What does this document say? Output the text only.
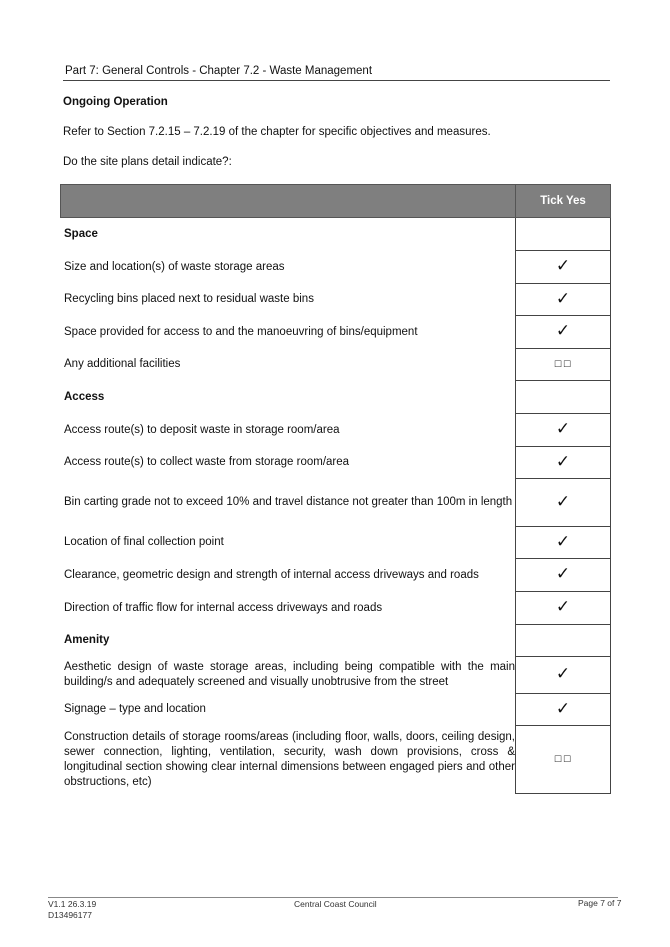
Part 7: General Controls - Chapter 7.2 - Waste Management
Ongoing Operation
Refer to Section 7.2.15 – 7.2.19 of the chapter for specific objectives and measures.
Do the site plans detail indicate?:
	Tick Yes
Space	
Size and location(s) of waste storage areas	✓
Recycling bins placed next to residual waste bins	✓
Space provided for access to and the manoeuvring of bins/equipment	✓
Any additional facilities	☐☐
Access	
Access route(s) to deposit waste in storage room/area	✓
Access route(s) to collect waste from storage room/area	✓
Bin carting grade not to exceed 10% and travel distance not greater than 100m in length	✓
Location of final collection point	✓
Clearance, geometric design and strength of internal access driveways and roads	✓
Direction of traffic flow for internal access driveways and roads	✓
Amenity	
Aesthetic design of waste storage areas, including being compatible with the main building/s and adequately screened and visually unobtrusive from the street	✓
Signage – type and location	✓
Construction details of storage rooms/areas (including floor, walls, doors, ceiling design, sewer connection, lighting, ventilation, security, wash down provisions, cross & longitudinal section showing clear internal dimensions between engaged piers and other obstructions, etc)	☐☐
V1.1 26.3.19
D13496177
Central Coast Council	Page 7 of 7
